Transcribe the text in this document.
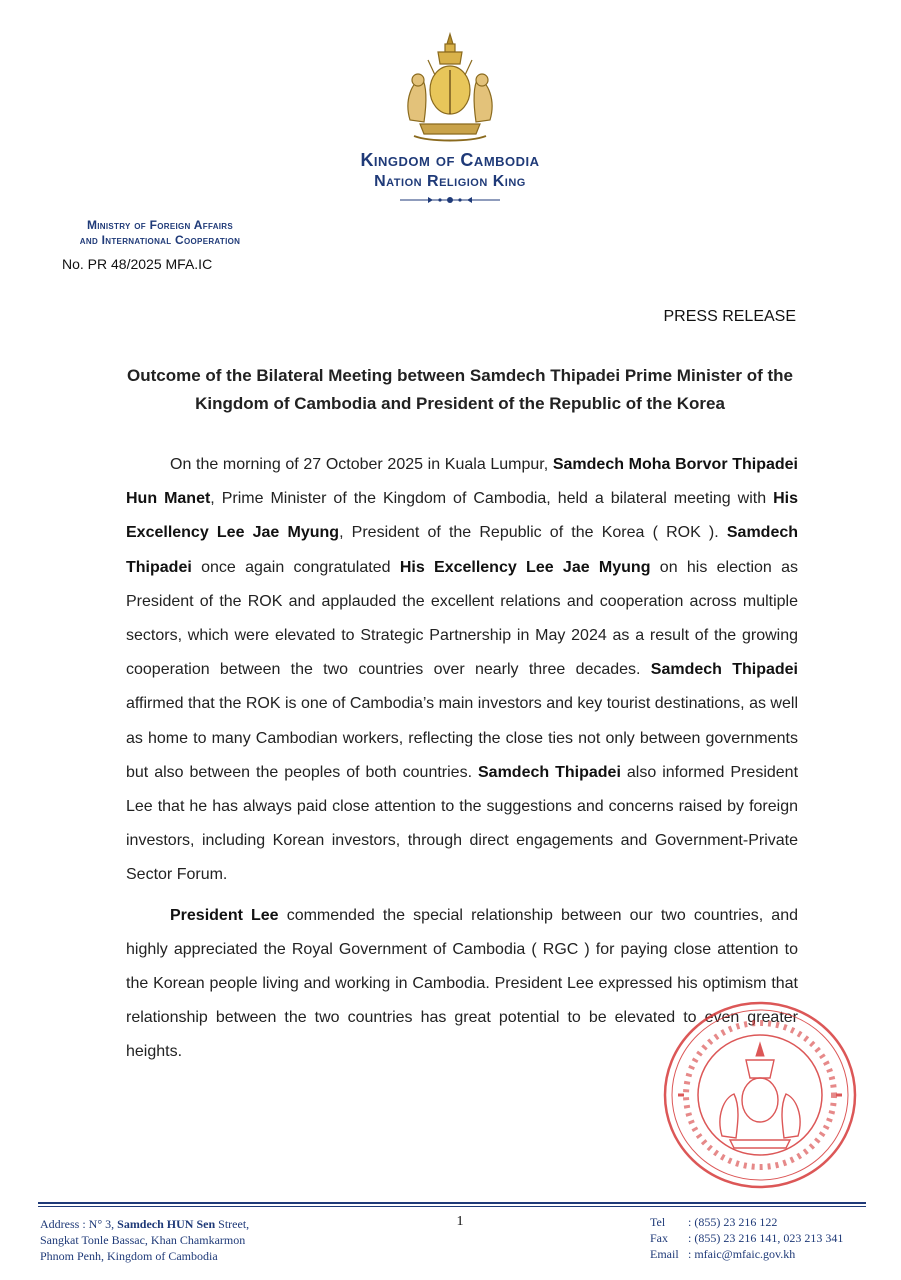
Kingdom of Cambodia
Nation Religion King
Ministry of Foreign Affairs
and International Cooperation
No. PR 48/2025 MFA.IC
PRESS RELEASE
Outcome of the Bilateral Meeting between Samdech Thipadei Prime Minister of the
Kingdom of Cambodia and President of the Republic of the Korea

On the morning of 27 October 2025 in Kuala Lumpur, Samdech Moha Borvor Thipadei Hun Manet, Prime Minister of the Kingdom of Cambodia, held a bilateral meeting with His Excellency Lee Jae Myung, President of the Republic of the Korea ( ROK ). Samdech Thipadei once again congratulated His Excellency Lee Jae Myung on his election as President of the ROK and applauded the excellent relations and cooperation across multiple sectors, which were elevated to Strategic Partnership in May 2024 as a result of the growing cooperation between the two countries over nearly three decades. Samdech Thipadei affirmed that the ROK is one of Cambodia’s main investors and key tourist destinations, as well as home to many Cambodian workers, reflecting the close ties not only between governments but also between the peoples of both countries. Samdech Thipadei also informed President Lee that he has always paid close attention to the suggestions and concerns raised by foreign investors, including Korean investors, through direct engagements and Government-Private Sector Forum.

President Lee commended the special relationship between our two countries, and highly appreciated the Royal Government of Cambodia ( RGC ) for paying close attention to the Korean people living and working in Cambodia. President Lee expressed his optimism that relationship between the two countries has great potential to be elevated to even greater heights.

Address : N° 3, Samdech HUN Sen Street,
Sangkat Tonle Bassac, Khan Chamkarmon
Phnom Penh, Kingdom of Cambodia
1	Tel : (855) 23 216 122
Fax : (855) 23 216 141, 023 213 341
Email : mfaic@mfaic.gov.kh
